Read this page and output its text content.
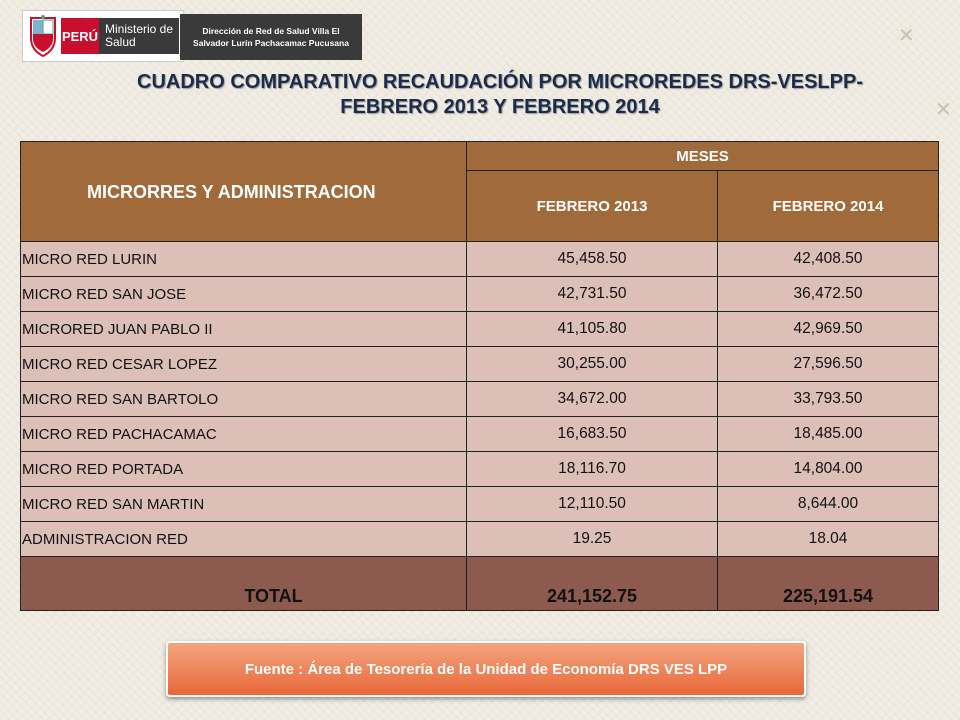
✕
✕
PERÚ Ministerio de Salud
Dirección de Red de Salud Villa El Salvador Lurín Pachacamac Pucusana
CUADRO COMPARATIVO RECAUDACIÓN POR MICROREDES DRS-VESLPP-
FEBRERO 2013 Y FEBRERO 2014
MICRORRES Y ADMINISTRACION	MESES	
	FEBRERO 2013	FEBRERO 2014
MICRO RED LURIN	45,458.50	42,408.50
MICRO RED SAN JOSE	42,731.50	36,472.50
MICRORED JUAN PABLO II	41,105.80	42,969.50
MICRO RED CESAR LOPEZ	30,255.00	27,596.50
MICRO RED SAN BARTOLO	34,672.00	33,793.50
MICRO RED PACHACAMAC	16,683.50	18,485.00
MICRO RED PORTADA	18,116.70	14,804.00
MICRO RED SAN MARTIN	12,110.50	8,644.00
ADMINISTRACION RED	19.25	18.04
TOTAL	241,152.75	225,191.54
Fuente : Área de Tesorería de la Unidad de Economía DRS VES LPP
